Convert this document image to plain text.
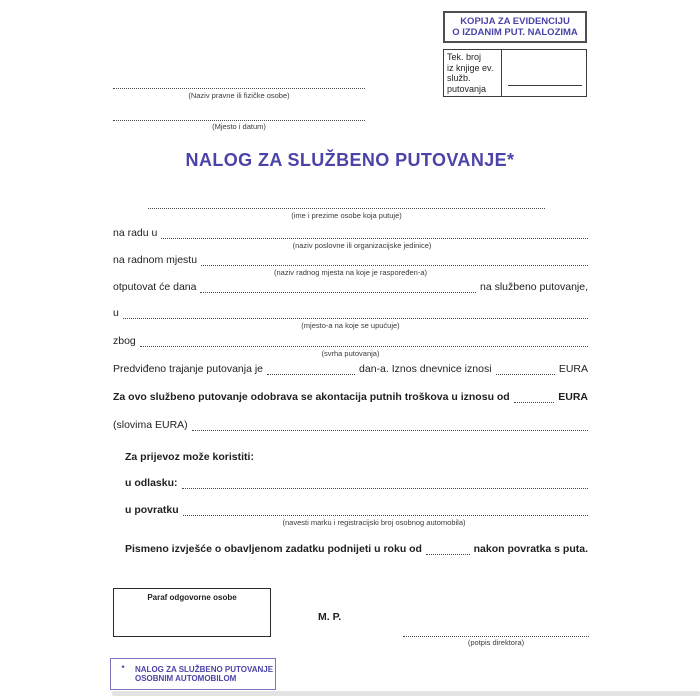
KOPIJA ZA EVIDENCIJU
O IZDANIM PUT. NALOZIMA
Tek. broj
iz knjige ev.
služb.
putovanja
(Naziv pravne ili fizičke osobe)
(Mjesto i datum)
NALOG ZA SLUŽBENO PUTOVANJE*
(ime i prezime osobe koja putuje)
na radu u
(naziv poslovne ili organizacijske jedinice)
na radnom mjestu
(naziv radnog mjesta na koje je raspoređen-a)
otputovat će dana	na službeno putovanje,
u
(mjesto-a na koje se upućuje)
zbog
(svrha putovanja)
Predviđeno trajanje putovanja je	dan-a. Iznos dnevnice iznosi	EURA
Za ovo službeno putovanje odobrava se akontacija putnih troškova u iznosu od	EURA
(slovima EURA)
Za prijevoz može koristiti:
u odlasku:
u povratku
(navesti marku i registracijski broj osobnog automobila)
Pismeno izvješće o obavljenom zadatku podnijeti u roku od	nakon povratka s puta.
Paraf odgovorne osobe
M. P.
(potpis direktora)
*	NALOG ZA SLUŽBENO PUTOVANJE
OSOBNIM AUTOMOBILOM
